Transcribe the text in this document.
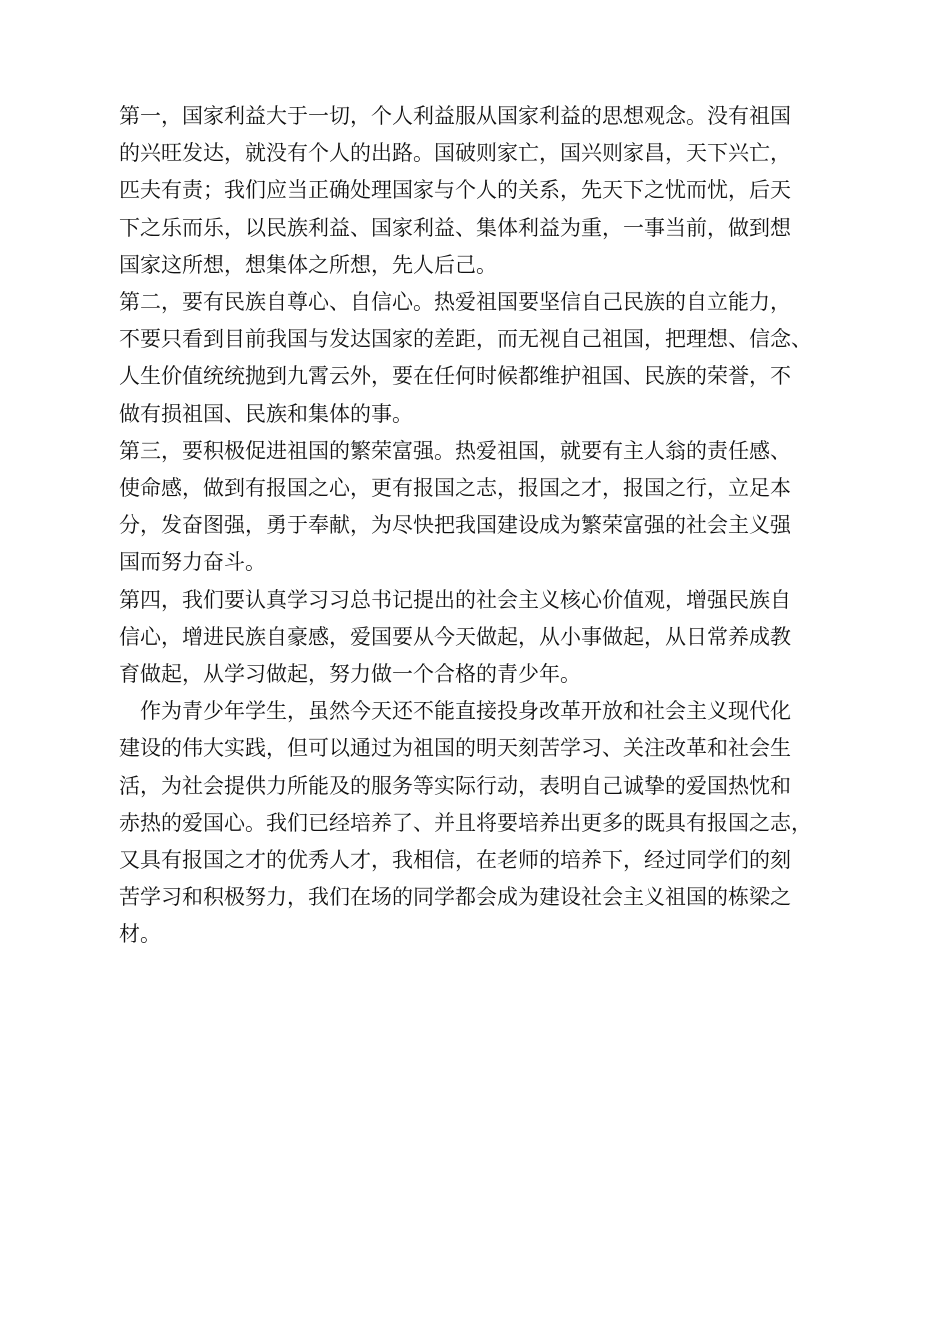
第一，国家利益大于一切，个人利益服从国家利益的思想观念。没有祖国
的兴旺发达，就没有个人的出路。国破则家亡，国兴则家昌，天下兴亡，
匹夫有责；我们应当正确处理国家与个人的关系，先天下之忧而忧，后天
下之乐而乐，以民族利益、国家利益、集体利益为重，一事当前，做到想
国家这所想，想集体之所想，先人后己。
第二，要有民族自尊心、自信心。热爱祖国要坚信自己民族的自立能力，
不要只看到目前我国与发达国家的差距，而无视自己祖国，把理想、信念、
人生价值统统抛到九霄云外，要在任何时候都维护祖国、民族的荣誉，不
做有损祖国、民族和集体的事。
第三，要积极促进祖国的繁荣富强。热爱祖国，就要有主人翁的责任感、
使命感，做到有报国之心，更有报国之志，报国之才，报国之行，立足本
分，发奋图强，勇于奉献，为尽快把我国建设成为繁荣富强的社会主义强
国而努力奋斗。
第四，我们要认真学习习总书记提出的社会主义核心价值观，增强民族自
信心，增进民族自豪感，爱国要从今天做起，从小事做起，从日常养成教
育做起，从学习做起，努力做一个合格的青少年。
　作为青少年学生，虽然今天还不能直接投身改革开放和社会主义现代化
建设的伟大实践，但可以通过为祖国的明天刻苦学习、关注改革和社会生
活，为社会提供力所能及的服务等实际行动，表明自己诚挚的爱国热忱和
赤热的爱国心。我们已经培养了、并且将要培养出更多的既具有报国之志，
又具有报国之才的优秀人才，我相信，在老师的培养下，经过同学们的刻
苦学习和积极努力，我们在场的同学都会成为建设社会主义祖国的栋梁之
材。
